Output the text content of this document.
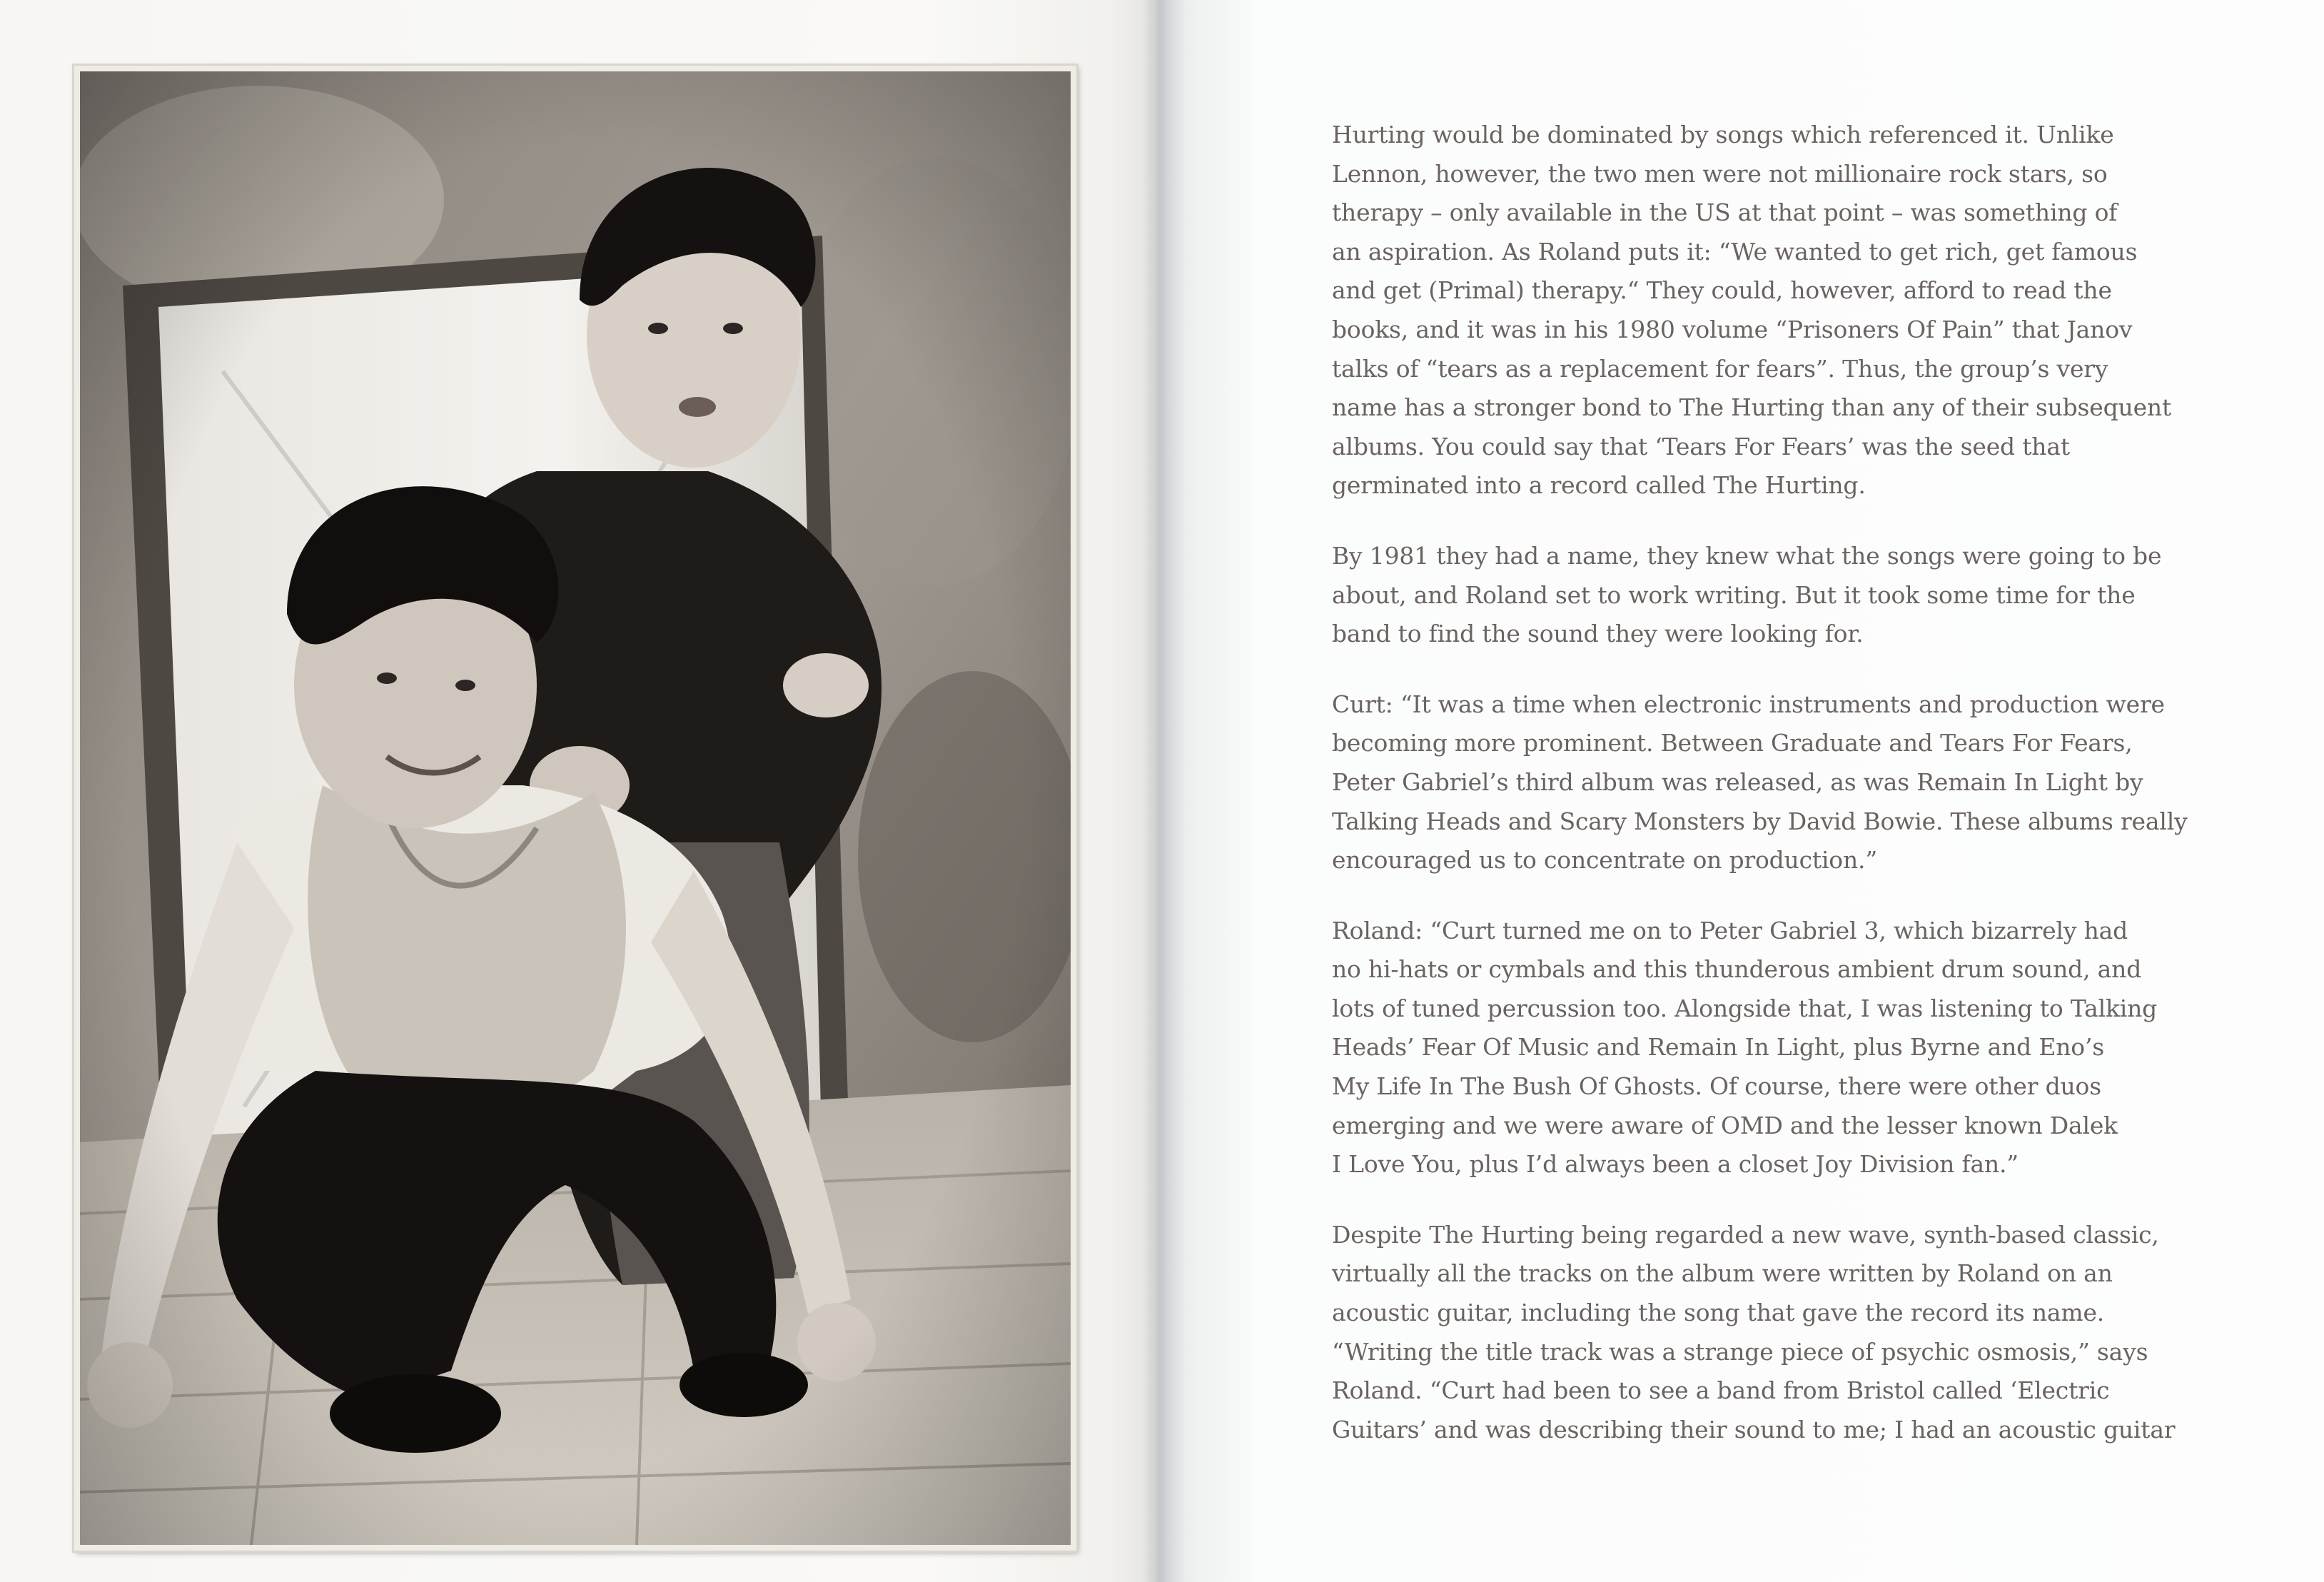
Hurting would be dominated by songs which referenced it. Unlike
Lennon, however, the two men were not millionaire rock stars, so
therapy – only available in the US at that point – was something of
an aspiration. As Roland puts it: “We wanted to get rich, get famous
and get (Primal) therapy.“ They could, however, afford to read the
books, and it was in his 1980 volume “Prisoners Of Pain” that Janov
talks of “tears as a replacement for fears”. Thus, the group’s very
name has a stronger bond to The Hurting than any of their subsequent
albums. You could say that ‘Tears For Fears’ was the seed that
germinated into a record called The Hurting.

By 1981 they had a name, they knew what the songs were going to be
about, and Roland set to work writing. But it took some time for the
band to find the sound they were looking for.

Curt: “It was a time when electronic instruments and production were
becoming more prominent. Between Graduate and Tears For Fears,
Peter Gabriel’s third album was released, as was Remain In Light by
Talking Heads and Scary Monsters by David Bowie. These albums really
encouraged us to concentrate on production.”

Roland: “Curt turned me on to Peter Gabriel 3, which bizarrely had
no hi-hats or cymbals and this thunderous ambient drum sound, and
lots of tuned percussion too. Alongside that, I was listening to Talking
Heads’ Fear Of Music and Remain In Light, plus Byrne and Eno’s
My Life In The Bush Of Ghosts. Of course, there were other duos
emerging and we were aware of OMD and the lesser known Dalek
I Love You, plus I’d always been a closet Joy Division fan.”

Despite The Hurting being regarded a new wave, synth-based classic,
virtually all the tracks on the album were written by Roland on an
acoustic guitar, including the song that gave the record its name.
“Writing the title track was a strange piece of psychic osmosis,” says
Roland. “Curt had been to see a band from Bristol called ‘Electric
Guitars’ and was describing their sound to me; I had an acoustic guitar
